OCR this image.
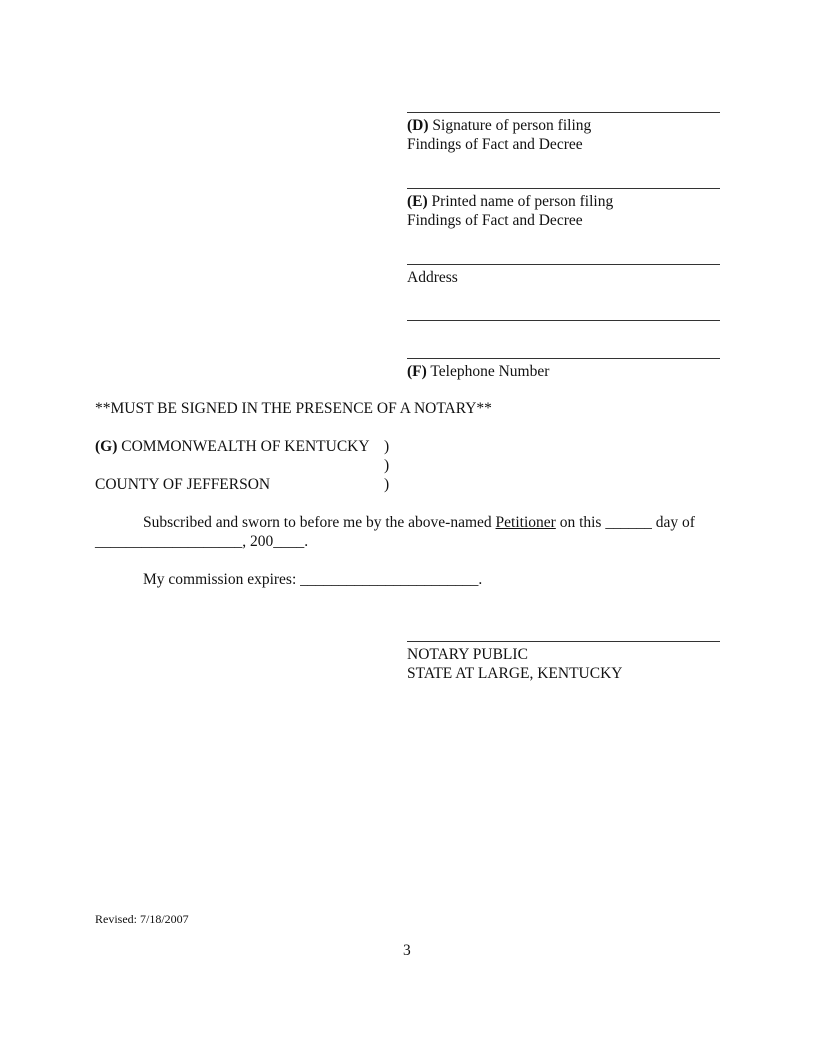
(D) Signature of person filing
Findings of Fact and Decree
(E) Printed name of person filing
Findings of Fact and Decree
Address
(F) Telephone Number
**MUST BE SIGNED IN THE PRESENCE OF A NOTARY**
(G) COMMONWEALTH OF KENTUCKY )
)
COUNTY OF JEFFERSON	)
Subscribed and sworn to before me by the above-named Petitioner on this ______ day of
___________________, 200____.
My commission expires: _______________________.
NOTARY PUBLIC
STATE AT LARGE, KENTUCKY
Revised: 7/18/2007
3
